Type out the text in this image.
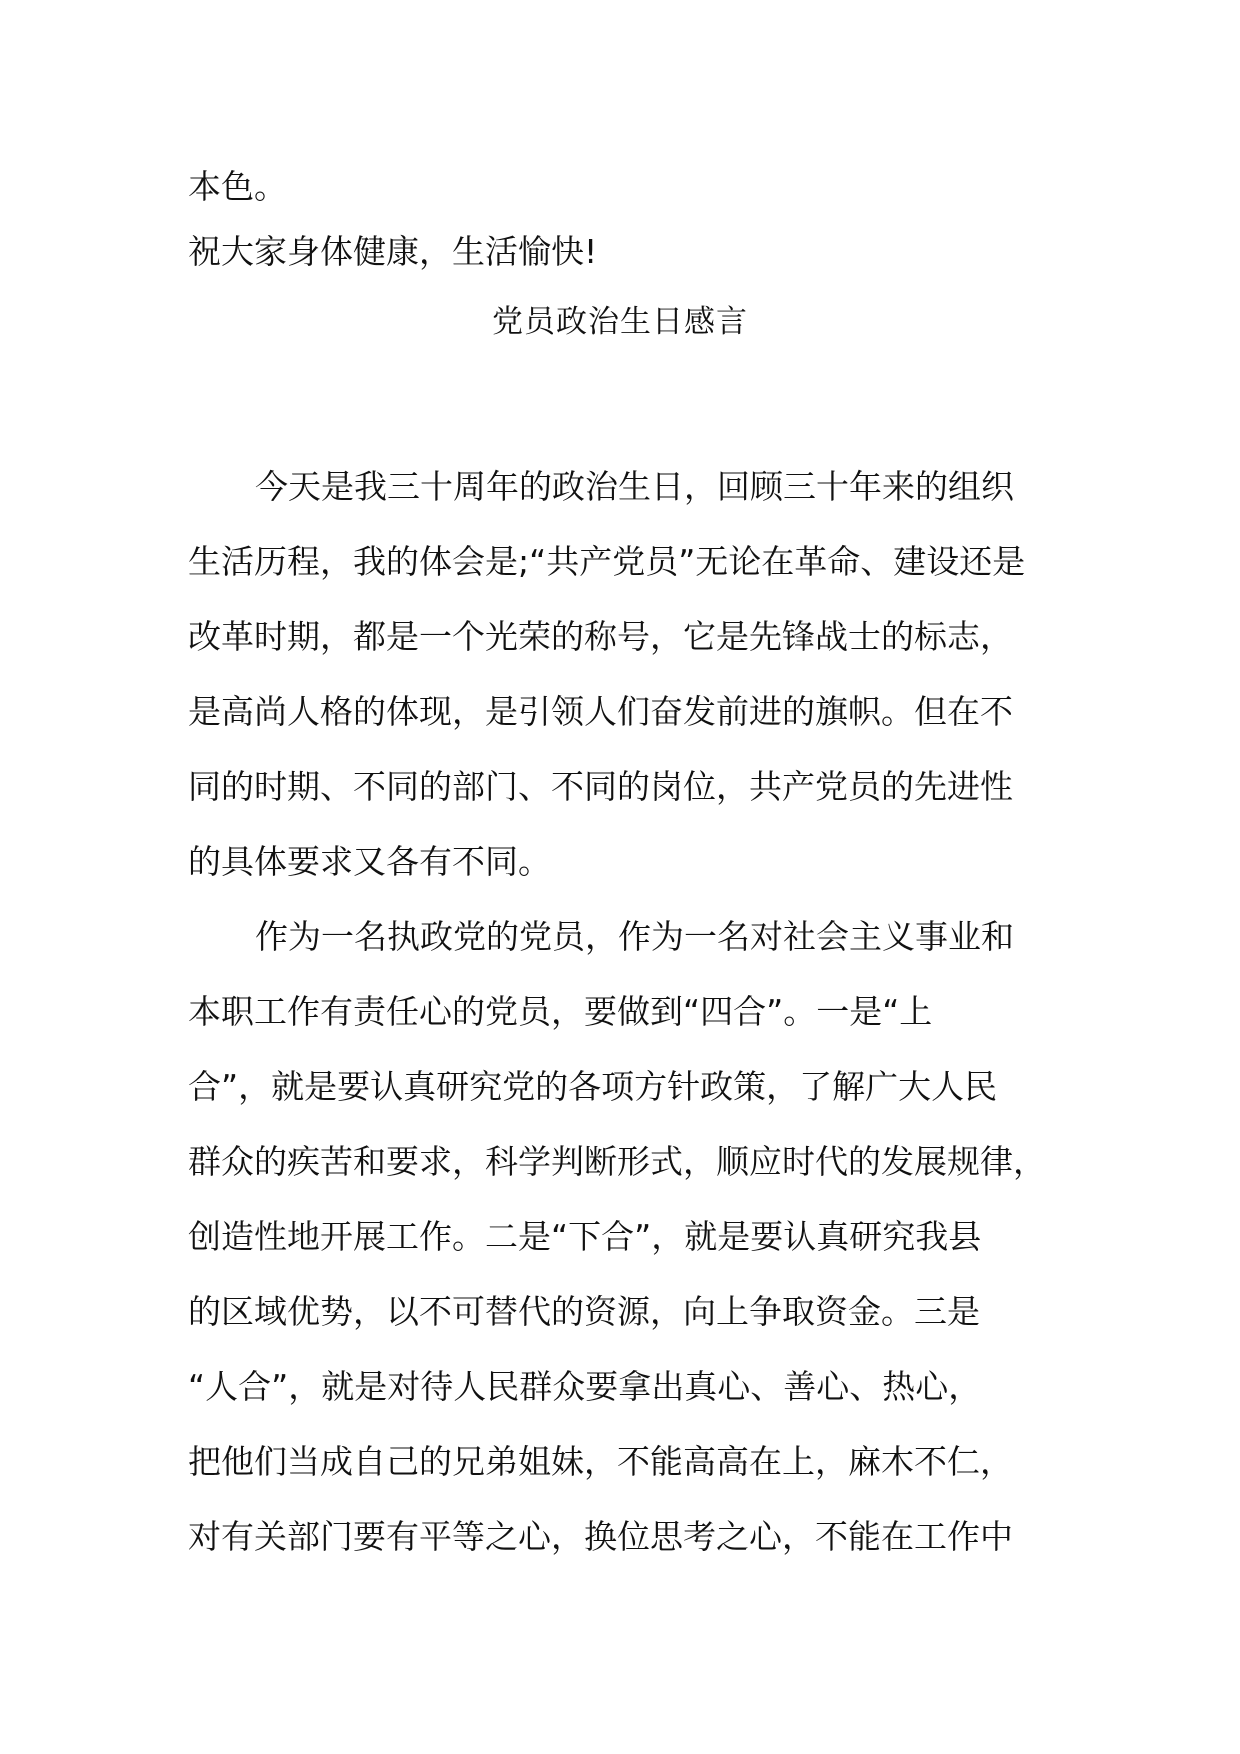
本色。

祝大家身体健康，生活愉快!

党员政治生日感言

今天是我三十周年的政治生日，回顾三十年来的组织

生活历程，我的体会是;“共产党员”无论在革命、建设还是

改革时期，都是一个光荣的称号，它是先锋战士的标志，

是高尚人格的体现，是引领人们奋发前进的旗帜。但在不

同的时期、不同的部门、不同的岗位，共产党员的先进性

的具体要求又各有不同。

作为一名执政党的党员，作为一名对社会主义事业和

本职工作有责任心的党员，要做到“四合”。一是“上

合”，就是要认真研究党的各项方针政策，了解广大人民

群众的疾苦和要求，科学判断形式，顺应时代的发展规律，

创造性地开展工作。二是“下合”，就是要认真研究我县

的区域优势，以不可替代的资源，向上争取资金。三是

“人合”，就是对待人民群众要拿出真心、善心、热心，

把他们当成自己的兄弟姐妹，不能高高在上，麻木不仁，

对有关部门要有平等之心，换位思考之心，不能在工作中
